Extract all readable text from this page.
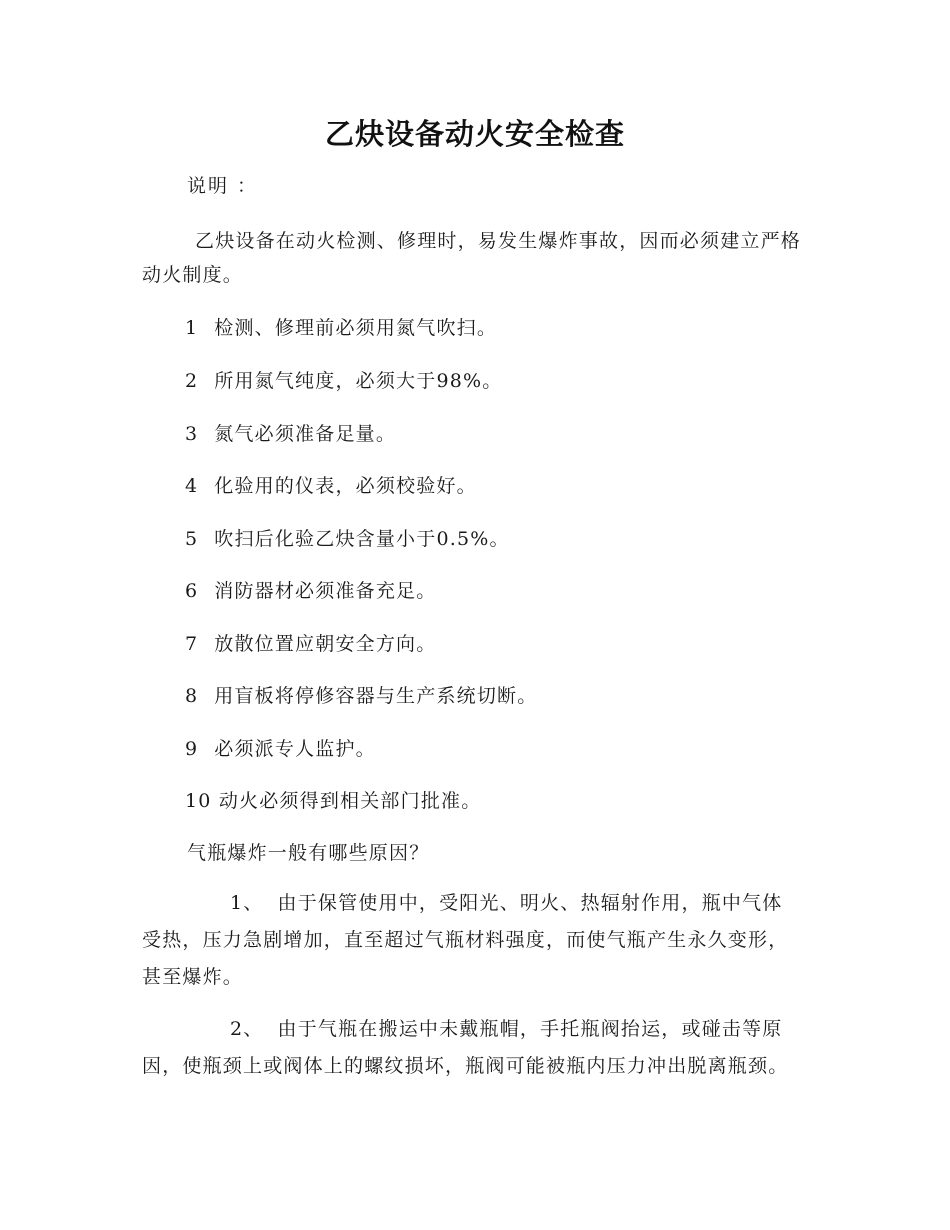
乙炔设备动火安全检查
说明 ：
乙炔设备在动火检测、修理时，易发生爆炸事故，因而必须建立严格动火制度。
1 检测、修理前必须用氮气吹扫。
2 所用氮气纯度，必须大于98%。
3 氮气必须准备足量。
4 化验用的仪表，必须校验好。
5 吹扫后化验乙炔含量小于0.5%。
6 消防器材必须准备充足。
7 放散位置应朝安全方向。
8 用盲板将停修容器与生产系统切断。
9 必须派专人监护。
10 动火必须得到相关部门批准。
气瓶爆炸一般有哪些原因？
1、 由于保管使用中，受阳光、明火、热辐射作用，瓶中气体受热，压力急剧增加，直至超过气瓶材料强度，而使气瓶产生永久变形，甚至爆炸。
2、 由于气瓶在搬运中未戴瓶帽，手托瓶阀抬运，或碰击等原因，使瓶颈上或阀体上的螺纹损坏，瓶阀可能被瓶内压力冲出脱离瓶颈。
